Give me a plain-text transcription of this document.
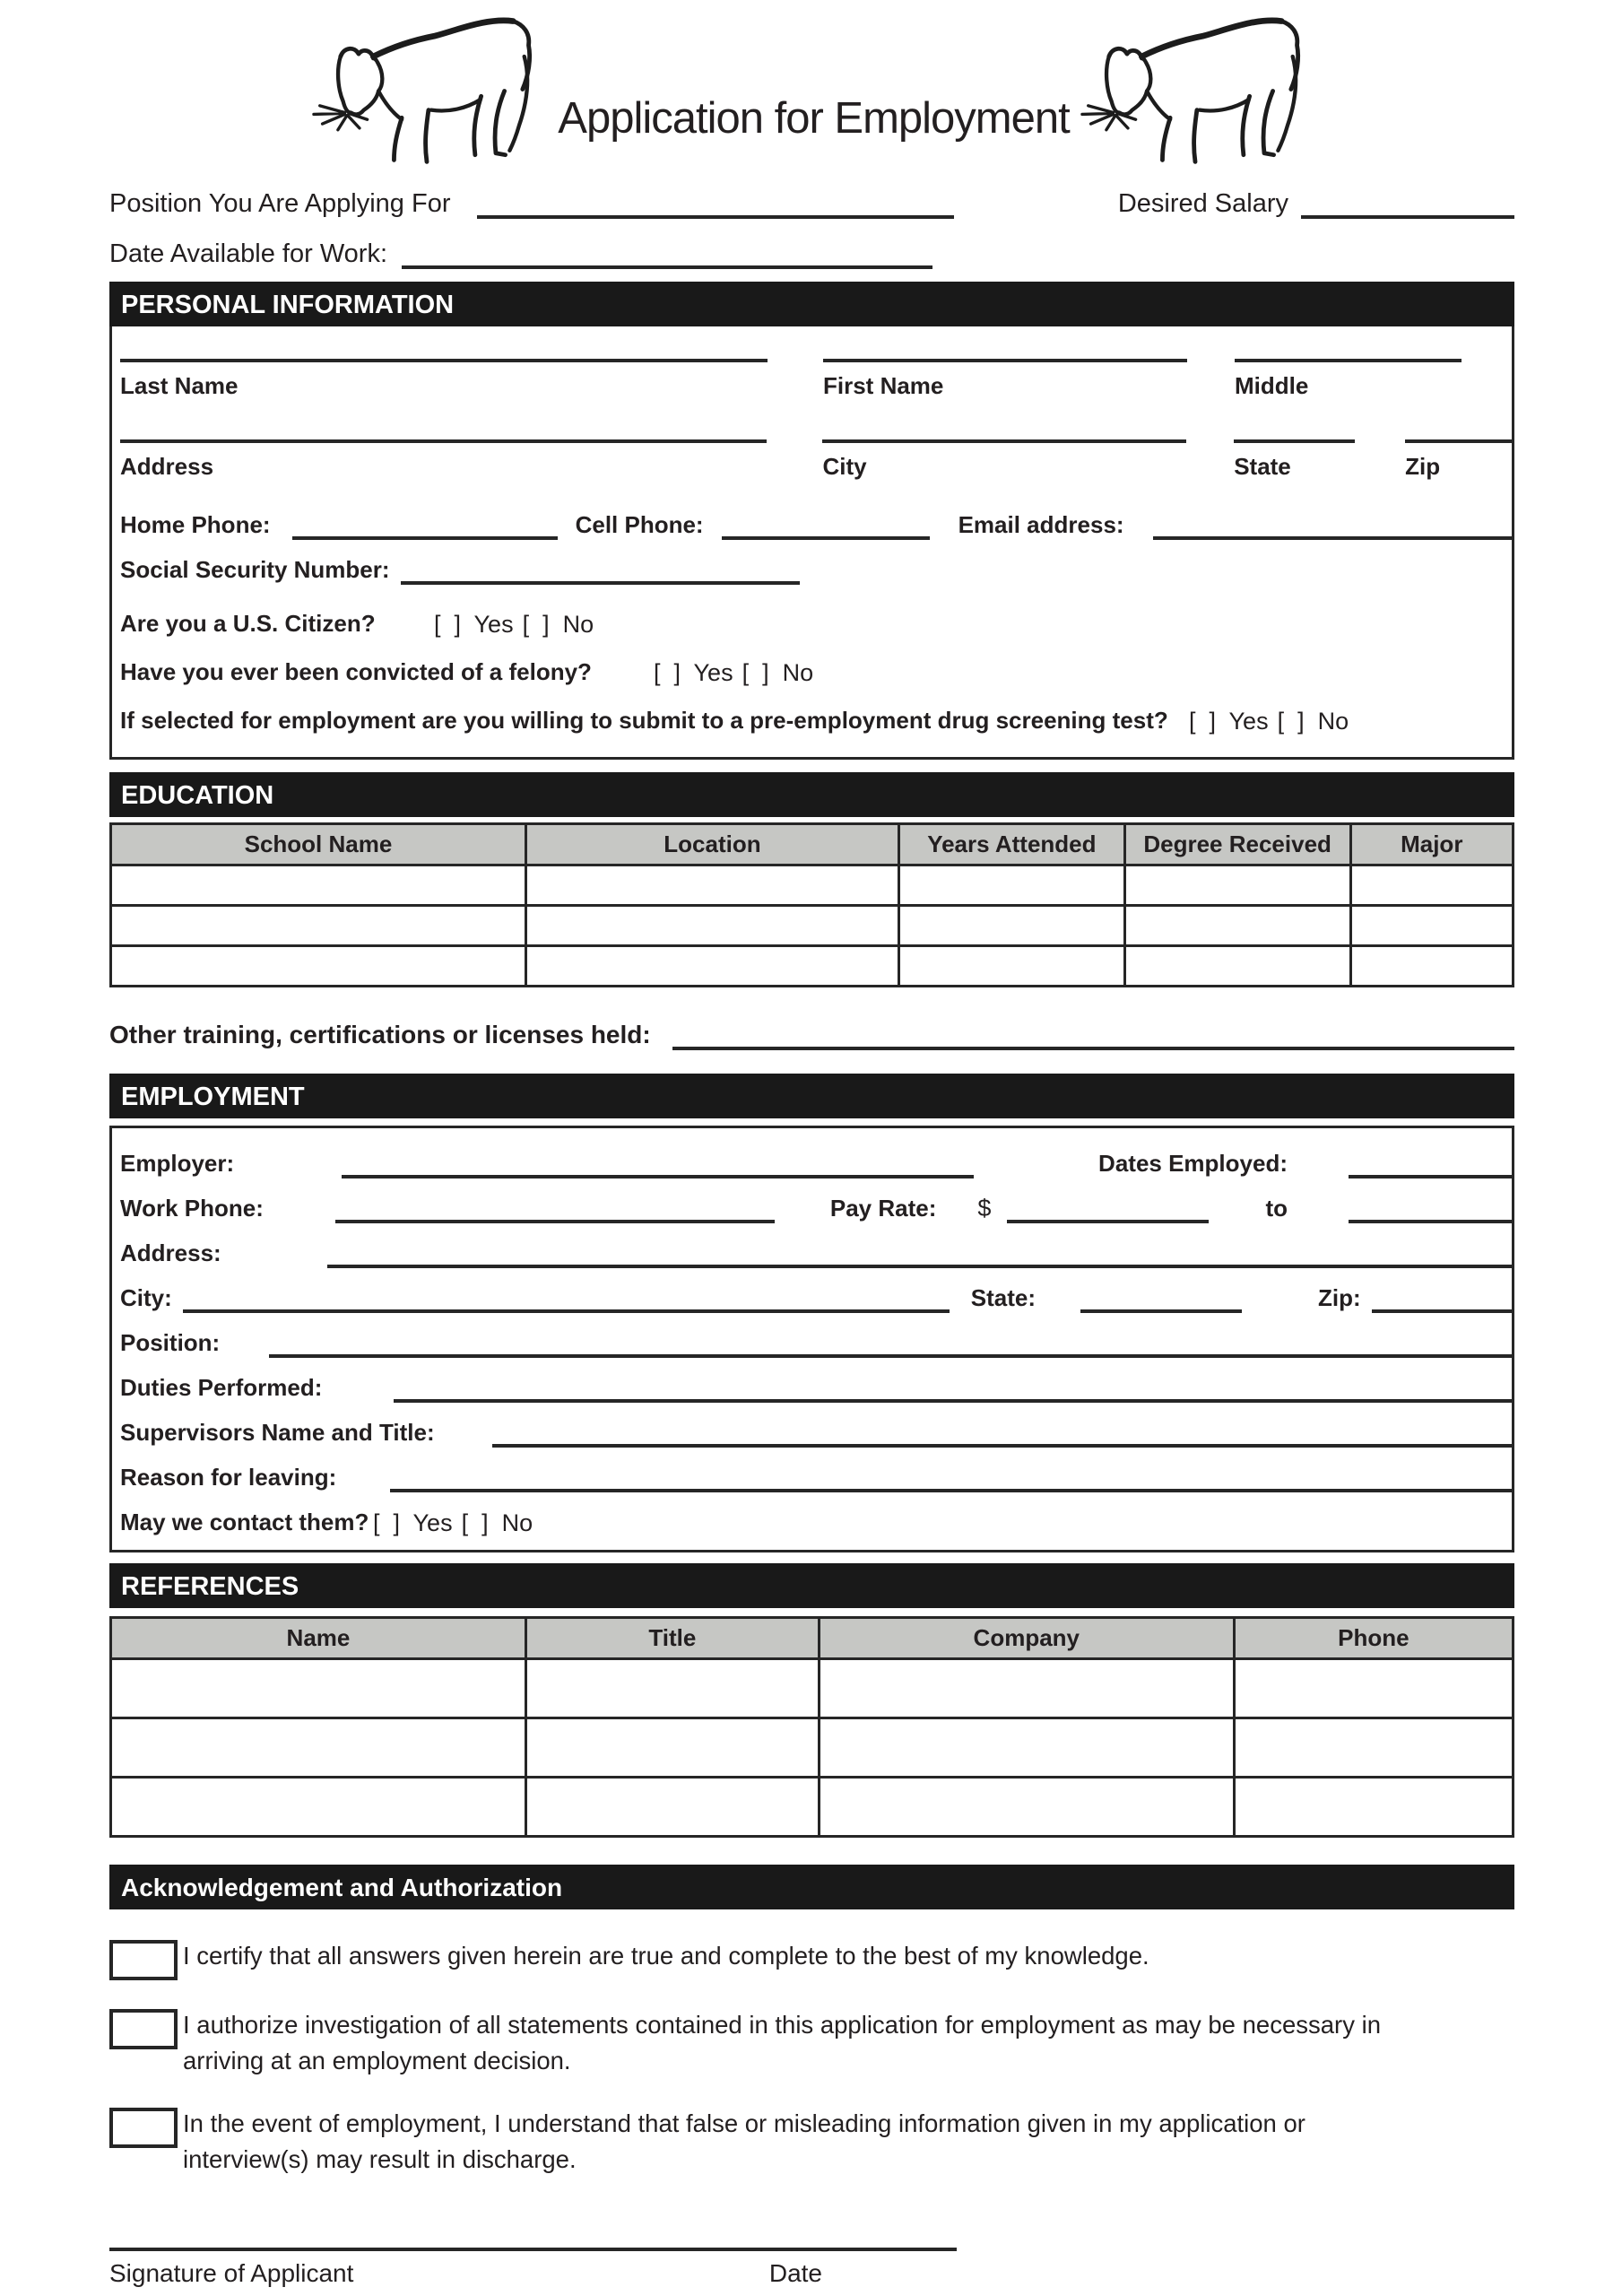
Application for Employment
Position You Are Applying For	Desired Salary
Date Available for Work:
PERSONAL INFORMATION
Last Name	First Name	Middle
Address	City	State	Zip
Home Phone:	Cell Phone:	Email address:
Social Security Number:
Are you a U.S. Citizen?	[  ]  Yes [  ]  No
Have you ever been convicted of a felony?	[  ]  Yes [  ]  No
If selected for employment are you willing to submit to a pre-employment drug screening test? [  ]  Yes [  ]  No
EDUCATION
School Name	Location	Years Attended	Degree Received	Major

Other training, certifications or licenses held:
EMPLOYMENT
Employer:	Dates Employed:
Work Phone:	Pay Rate: $	to
Address:
City:	State:	Zip:
Position:
Duties Performed:
Supervisors Name and Title:
Reason for leaving:
May we contact them? [  ]  Yes [  ]  No
REFERENCES
Name	Title	Company	Phone

Acknowledgement and Authorization
I certify that all answers given herein are true and complete to the best of my knowledge.
I authorize investigation of all statements contained in this application for employment as may be necessary in arriving at an employment decision.
In the event of employment, I understand that false or misleading information given in my application or interview(s) may result in discharge.
Signature of Applicant	Date
